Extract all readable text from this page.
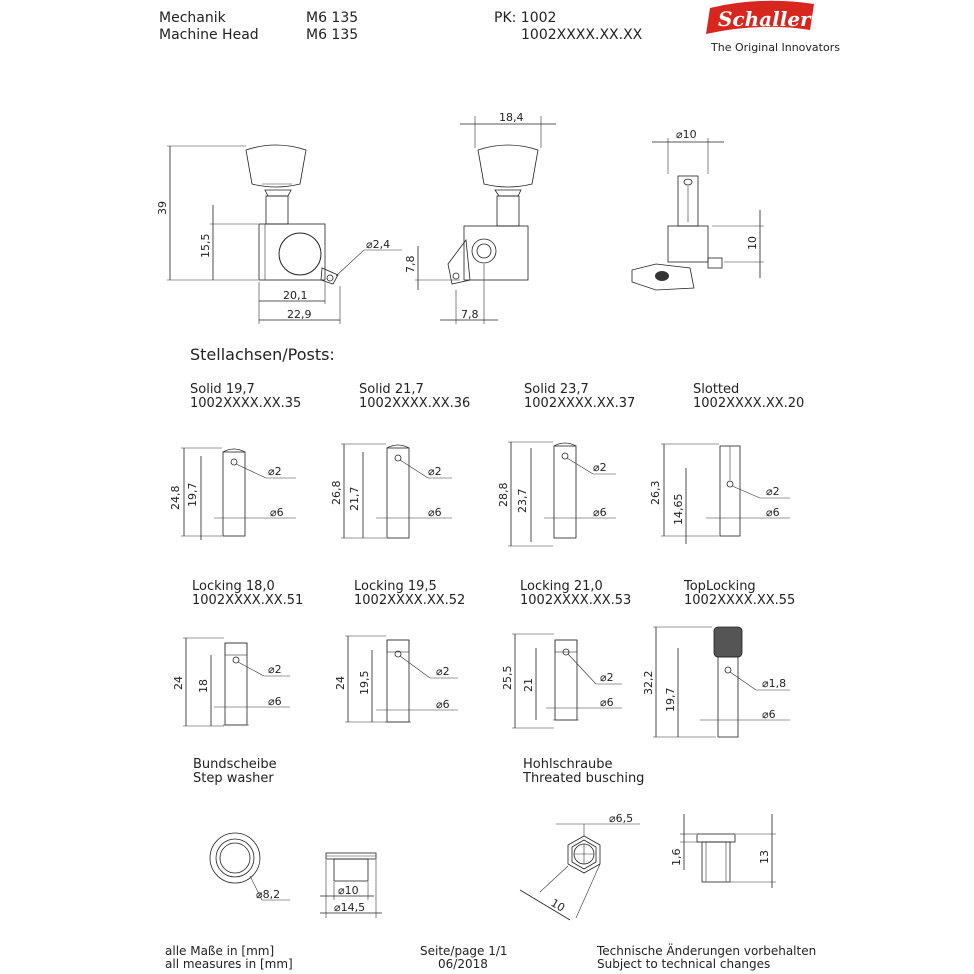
Mechanik	M6 135	PK: 1002
Machine Head	M6 135	1002XXXX.XX.XX
Schaller
The Original Innovators
39
15,5	⌀2,4
20,1
22,9
18,4
7,8
7,8
⌀10
10
24,8 19,7
⌀2
⌀6
26,8 21,7
⌀2
⌀6
28,8 23,7
⌀2
⌀6
26,3
14,65
⌀2
⌀6
24 18
⌀2
⌀6
24 19,5	⌀2
⌀6
25,5 21
⌀2
⌀6
32,2
19,7
⌀1,8
⌀6
⌀8,2	⌀10
⌀14,5
⌀6,5
10
1,6	13
Stellachsen/Posts:
Solid 19,7
1002XXXX.XX.35
Solid 21,7
1002XXXX.XX.36
Solid 23,7
1002XXXX.XX.37
Slotted
1002XXXX.XX.20
Locking 18,0
1002XXXX.XX.51
Locking 19,5
1002XXXX.XX.52
Locking 21,0
1002XXXX.XX.53
TopLocking
1002XXXX.XX.55
Bundscheibe
Step washer
Hohlschraube
Threated busching
alle Maße in [mm]
all measures in [mm]
Seite/page 1/1
06/2018
Technische Änderungen vorbehalten
Subject to technical changes
